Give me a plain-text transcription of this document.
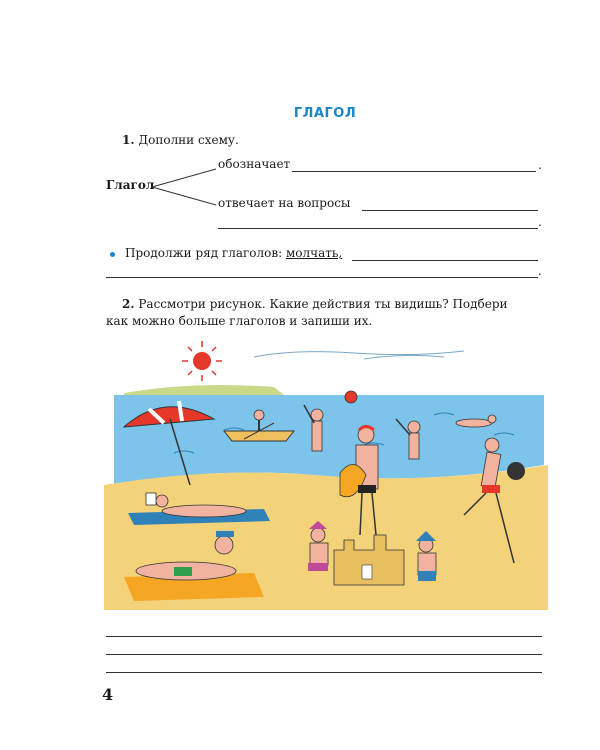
ГЛАГОЛ
1. Дополни схему.
Глагол
обозначает	.
отвечает на вопросы
.
Продолжи ряд глаголов: молчать,
.
2. Рассмотри рисунок. Какие действия ты видишь? Подбери
как можно больше глаголов и запиши их.
4
